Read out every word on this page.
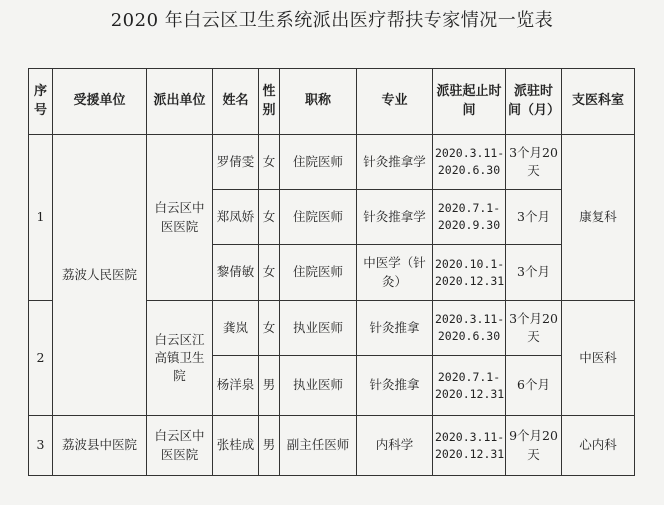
2020 年白云区卫生系统派出医疗帮扶专家情况一览表
序号	受援单位	派出单位	姓名	性别	职称	专业	派驻起止时间	派驻时间（月）	支医科室
1	荔波人民医院	白云区中医医院	罗倩雯	女	住院医师	针灸推拿学	2020.3.11-2020.6.30	3个月20天	康复科
			郑凤娇	女	住院医师	针灸推拿学	2020.7.1-2020.9.30	3个月	
			黎倩敏	女	住院医师	中医学（针灸）	2020.10.1-2020.12.31	3个月	
2		白云区江高镇卫生院	龚岚	女	执业医师	针灸推拿	2020.3.11-2020.6.30	3个月20天	中医科
			杨洋泉	男	执业医师	针灸推拿	2020.7.1-2020.12.31	6个月	
3	荔波县中医院	白云区中医医院	张桂成	男	副主任医师	内科学	2020.3.11-2020.12.31	9个月20天	心内科
